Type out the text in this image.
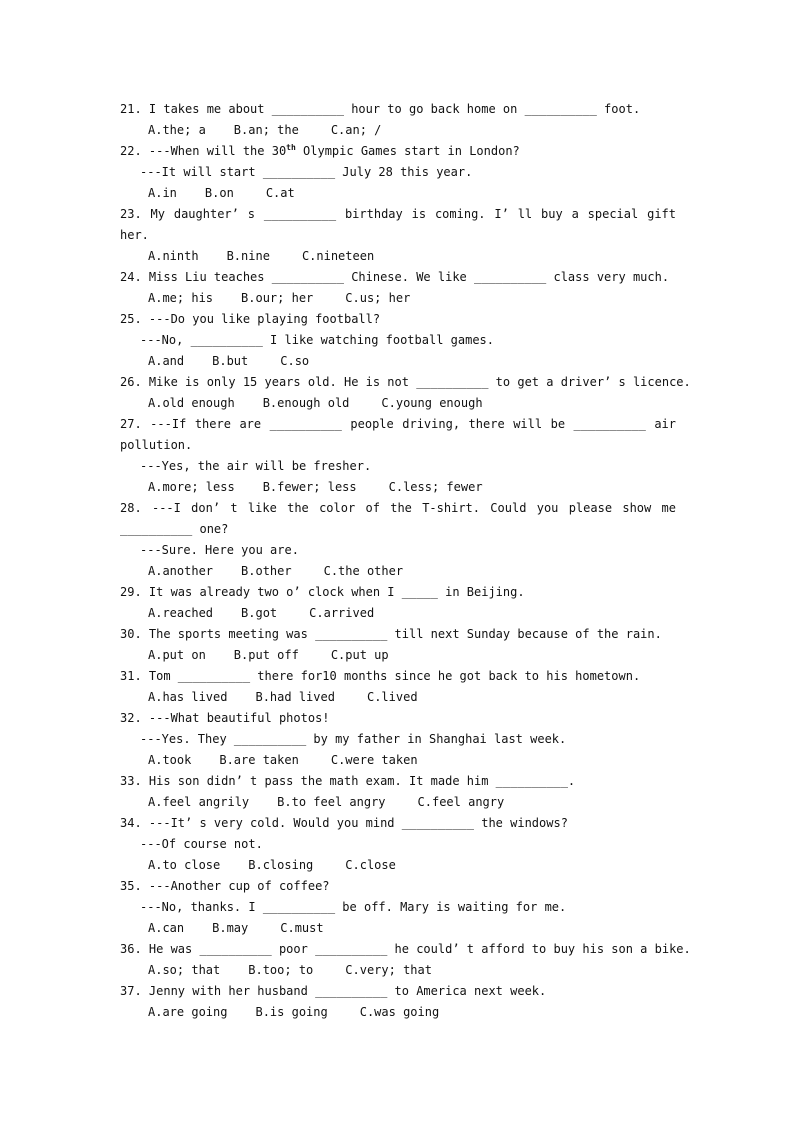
21. I takes me about __________ hour to go back home on __________ foot.
A.the; a B.an; the	C.an; /
22. ---When will the 30th Olympic Games start in London?
---It will start __________ July 28 this year.
A.in B.on	C.at
23. My daughter’ s __________ birthday is coming. I’ ll buy a special gift
her.
A.ninth B.nine	C.nineteen
24. Miss Liu teaches __________ Chinese. We like __________ class very much.
A.me; his B.our; her	C.us; her
25. ---Do you like playing football?
---No, __________ I like watching football games.
A.and B.but	C.so
26. Mike is only 15 years old. He is not __________ to get a driver’ s licence.
A.old enough B.enough old	C.young enough
27. ---If there are __________ people driving, there will be __________ air
pollution.
---Yes, the air will be fresher.
A.more; less B.fewer; less	C.less; fewer
28. ---I don’ t like the color of the T-shirt. Could you please show me
__________ one?
---Sure. Here you are.
A.another B.other	C.the other
29. It was already two o’ clock when I _____ in Beijing.
A.reached B.got	C.arrived
30. The sports meeting was __________ till next Sunday because of the rain.
A.put on B.put off	C.put up
31. Tom __________ there for10 months since he got back to his hometown.
A.has lived B.had lived	C.lived
32. ---What beautiful photos!
---Yes. They __________ by my father in Shanghai last week.
A.took B.are taken	C.were taken
33. His son didn’ t pass the math exam. It made him __________.
A.feel angrily B.to feel angry	C.feel angry
34. ---It’ s very cold. Would you mind __________ the windows?
---Of course not.
A.to close B.closing	C.close
35. ---Another cup of coffee?
---No, thanks. I __________ be off. Mary is waiting for me.
A.can B.may	C.must
36. He was __________ poor __________ he could’ t afford to buy his son a bike.
A.so; that B.too; to	C.very; that
37. Jenny with her husband __________ to America next week.
A.are going B.is going	C.was going
